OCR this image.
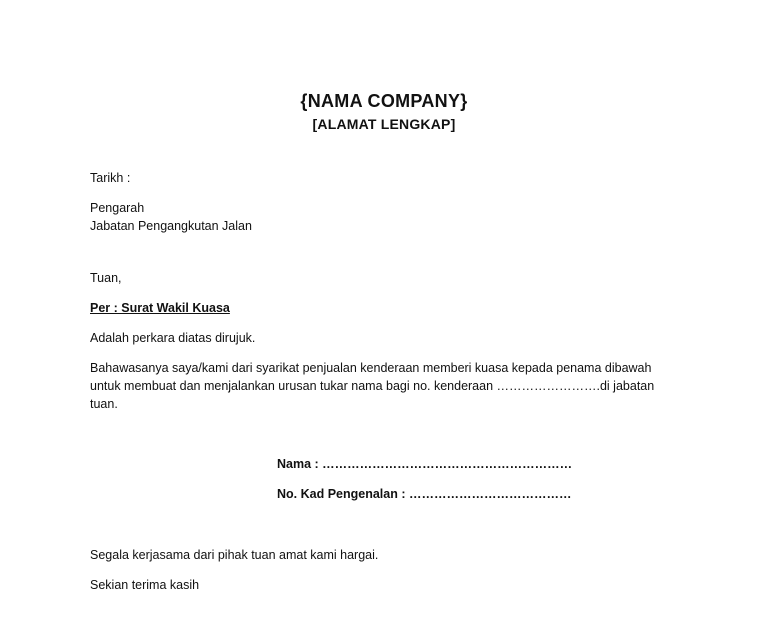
{NAMA COMPANY}
[ALAMAT LENGKAP]
Tarikh :
Pengarah
Jabatan Pengangkutan Jalan
Tuan,
Per : Surat Wakil Kuasa
Adalah perkara diatas dirujuk.
Bahawasanya saya/kami dari syarikat penjualan kenderaan memberi kuasa kepada penama dibawah
untuk membuat dan menjalankan urusan tukar nama bagi no. kenderaan …………………….di jabatan
tuan.
Nama : ……………………………………………………
No. Kad Pengenalan : …………………………………
Segala kerjasama dari pihak tuan amat kami hargai.
Sekian terima kasih
